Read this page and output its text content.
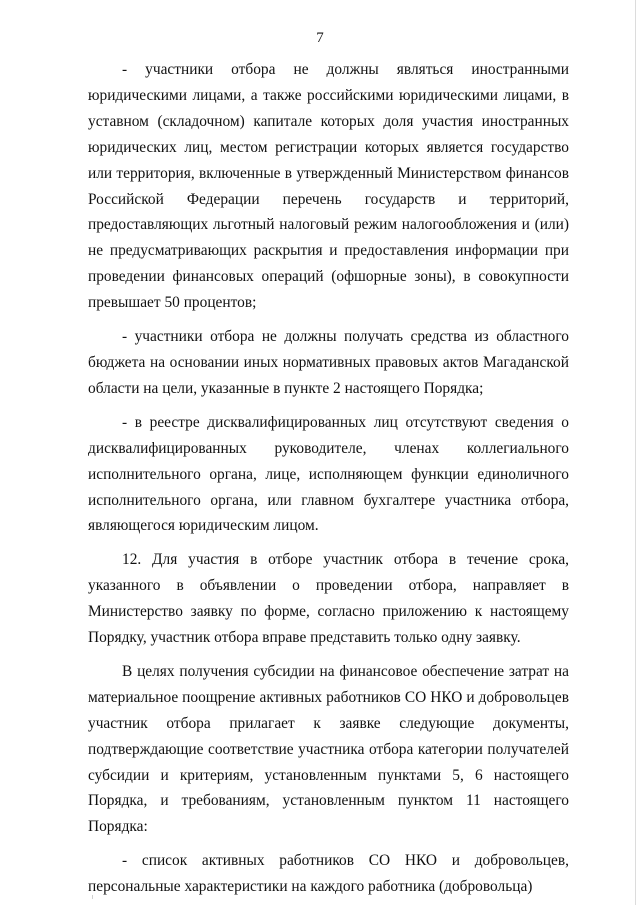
7

- участники отбора не должны являться иностранными юридическими лицами, а также российскими юридическими лицами, в уставном (складочном) капитале которых доля участия иностранных юридических лиц, местом регистрации которых является государство или территория, включенные в утвержденный Министерством финансов Российской Федерации перечень государств и территорий, предоставляющих льготный налоговый режим налогообложения и (или) не предусматривающих раскрытия и предоставления информации при проведении финансовых операций (офшорные зоны), в совокупности превышает 50 процентов;

- участники отбора не должны получать средства из областного бюджета на основании иных нормативных правовых актов Магаданской области на цели, указанные в пункте 2 настоящего Порядка;

- в реестре дисквалифицированных лиц отсутствуют сведения о дисквалифицированных руководителе, членах коллегиального исполнительного органа, лице, исполняющем функции единоличного исполнительного органа, или главном бухгалтере участника отбора, являющегося юридическим лицом.

12. Для участия в отборе участник отбора в течение срока, указанного в объявлении о проведении отбора, направляет в Министерство заявку по форме, согласно приложению к настоящему Порядку, участник отбора вправе представить только одну заявку.

В целях получения субсидии на финансовое обеспечение затрат на материальное поощрение активных работников СО НКО и добровольцев участник отбора прилагает к заявке следующие документы, подтверждающие соответствие участника отбора категории получателей субсидии и критериям, установленным пунктами 5, 6 настоящего Порядка, и требованиям, установленным пунктом 11 настоящего Порядка:

- список активных работников СО НКО и добровольцев, персональные характеристики на каждого работника (добровольца)
